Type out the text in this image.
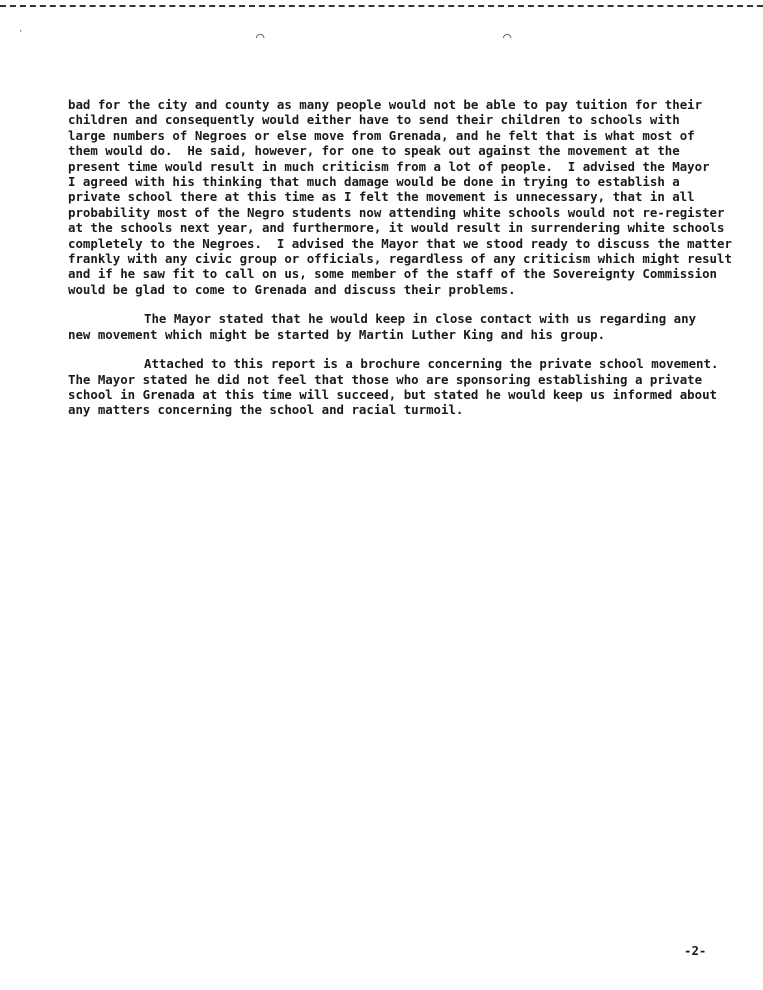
⌒	⌒
·
bad for the city and county as many people would not be able to pay tuition for their
children and consequently would either have to send their children to schools with
large numbers of Negroes or else move from Grenada, and he felt that is what most of
them would do.  He said, however, for one to speak out against the movement at the
present time would result in much criticism from a lot of people.  I advised the Mayor
I agreed with his thinking that much damage would be done in trying to establish a
private school there at this time as I felt the movement is unnecessary, that in all
probability most of the Negro students now attending white schools would not re-register
at the schools next year, and furthermore, it would result in surrendering white schools
completely to the Negroes.  I advised the Mayor that we stood ready to discuss the matter
frankly with any civic group or officials, regardless of any criticism which might result
and if he saw fit to call on us, some member of the staff of the Sovereignty Commission
would be glad to come to Grenada and discuss their problems.
The Mayor stated that he would keep in close contact with us regarding any
new movement which might be started by Martin Luther King and his group.
Attached to this report is a brochure concerning the private school movement.
The Mayor stated he did not feel that those who are sponsoring establishing a private
school in Grenada at this time will succeed, but stated he would keep us informed about
any matters concerning the school and racial turmoil.
-2-
